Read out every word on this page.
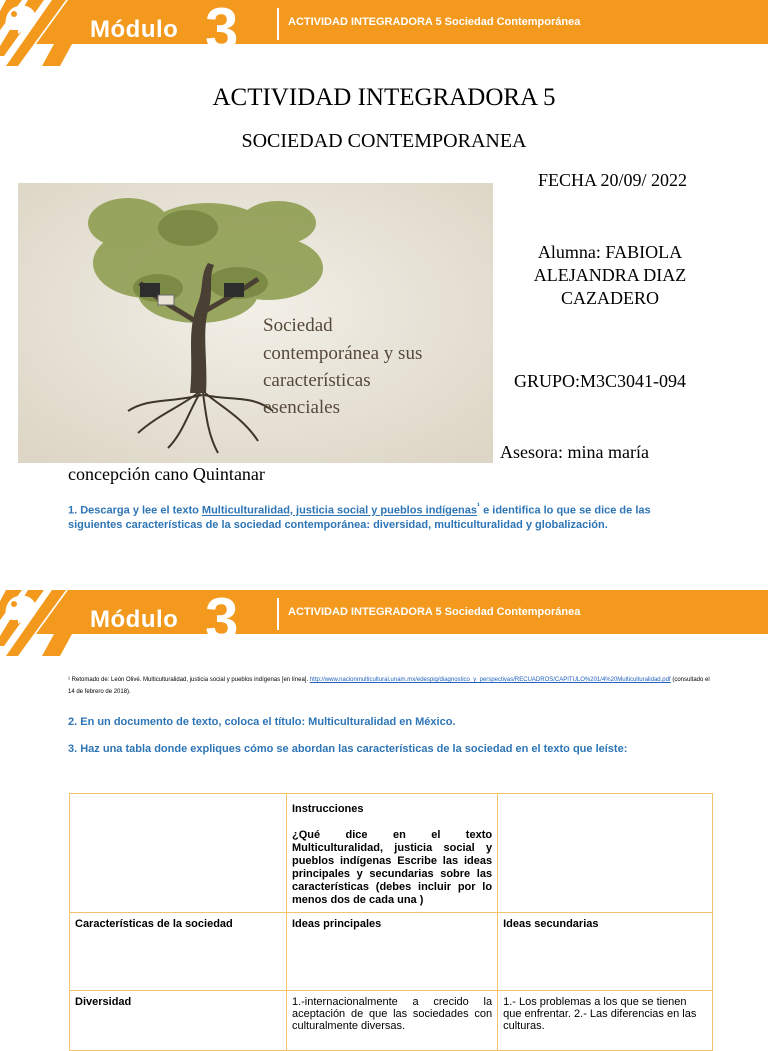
Módulo 3	ACTIVIDAD INTEGRADORA 5 Sociedad Contemporánea
Prepa en línea SEP
ACTIVIDAD INTEGRADORA 5
SOCIEDAD CONTEMPORANEA
FECHA 20/09/ 2022
Sociedad
contemporánea y sus
características
esenciales
Alumna: FABIOLA ALEJANDRA DIAZ CAZADERO
GRUPO:M3C3041-094
Asesora: mina maría
concepción cano Quintanar
1. Descarga y lee el texto Multiculturalidad, justicia social y pueblos indígenas$^{^1}$ e identifica lo que se dice de las siguientes características de la sociedad contemporánea: diversidad, multiculturalidad y globalización.
Módulo 3	ACTIVIDAD INTEGRADORA 5 Sociedad Contemporánea
Prepa en línea SEP
¹ Retomado de: León Olivé. Multiculturalidad, justicia social y pueblos indígenas [en línea]. http://www.nacionmulticultural.unam.mx/edespig/diagnostico_y_perspectivas/RECUADROS/CAPITULO%201/4%20Multiculturalidad.pdf (consultado el 14 de febrero de 2018).
2. En un documento de texto, coloca el título: Multiculturalidad en México.
3. Haz una tabla donde expliques cómo se abordan las características de la sociedad en el texto que leíste:

	Instrucciones
¿Qué dice en el texto Multiculturalidad, justicia social y pueblos indígenas Escribe las ideas principales y secundarias sobre las características (debes incluir por lo menos dos de cada una )	

Características de la sociedad	Ideas principales	Ideas secundarias
Diversidad	1.-internacionalmente a crecido la aceptación de que las sociedades con culturalmente diversas.	1.- Los problemas a los que se tienen que enfrentar. 2.- Las diferencias en las culturas.
